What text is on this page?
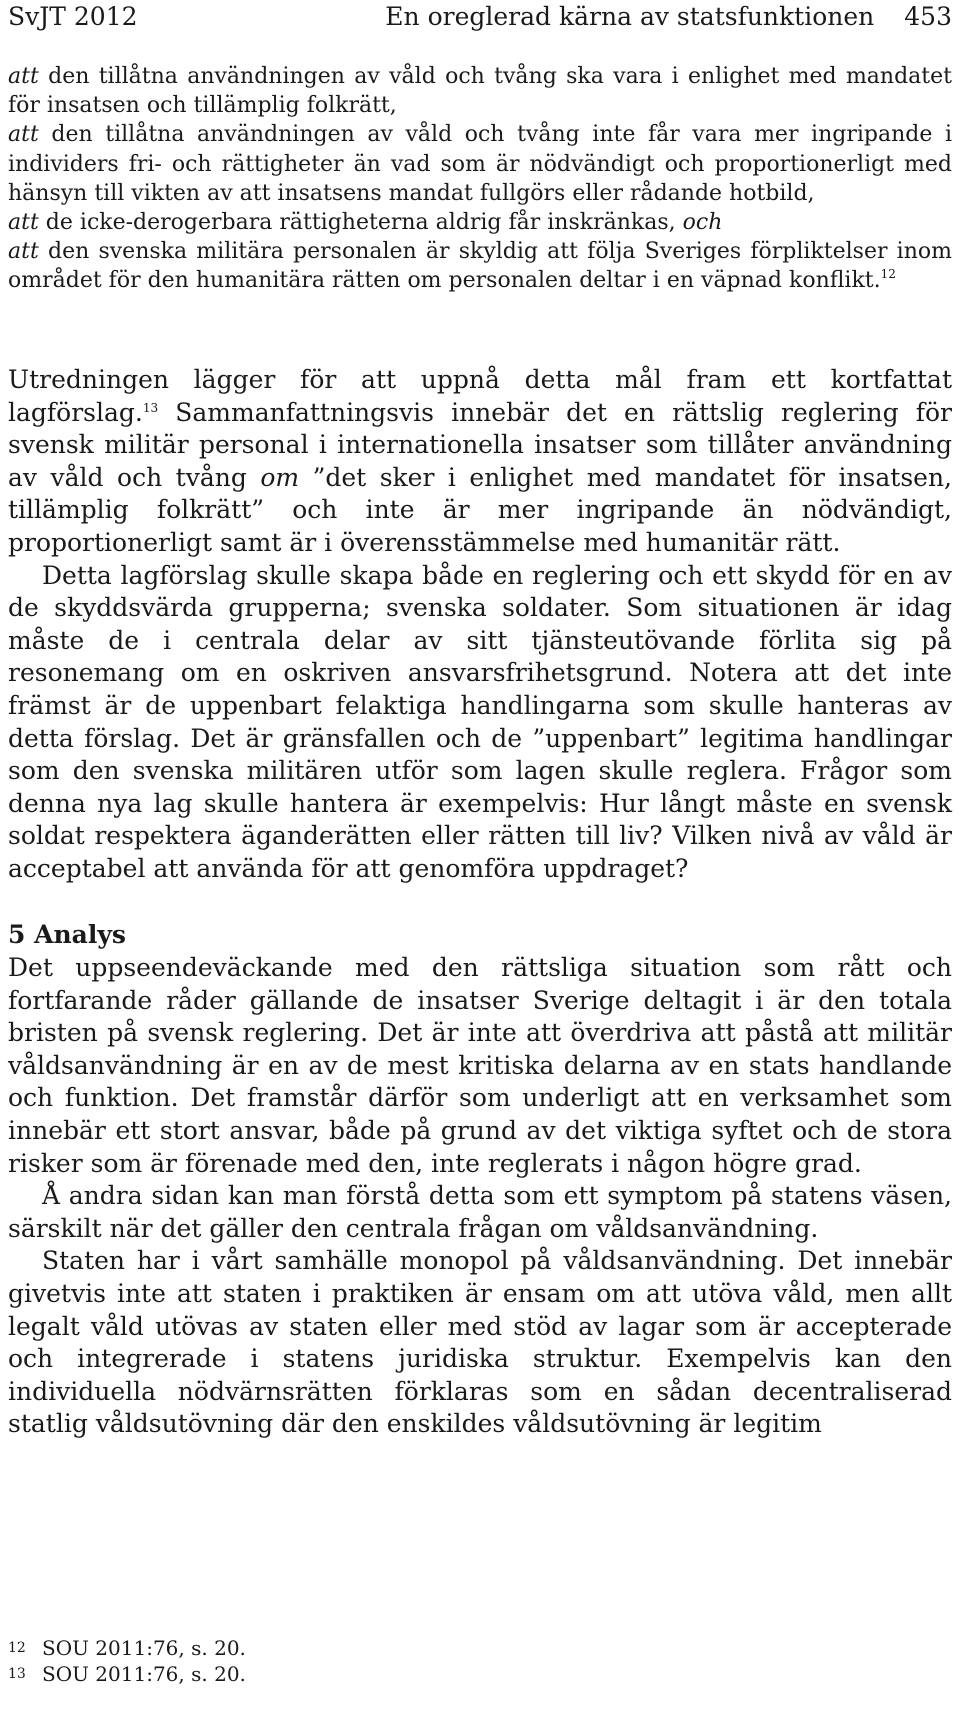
SvJT 2012	En oreglerad kärna av statsfunktionen 453

att den tillåtna användningen av våld och tvång ska vara i enlighet med mandatet för insatsen och tillämplig folkrätt,

att den tillåtna användningen av våld och tvång inte får vara mer ingripande i individers fri- och rättigheter än vad som är nödvändigt och proportionerligt med hänsyn till vikten av att insatsens mandat fullgörs eller rådande hotbild,

att de icke-derogerbara rättigheterna aldrig får inskränkas, och

att den svenska militära personalen är skyldig att följa Sveriges förpliktelser inom området för den humanitära rätten om personalen deltar i en väpnad konflikt.$^{12}$

Utredningen lägger för att uppnå detta mål fram ett kortfattat lagförslag.$^{13}$ Sammanfattningsvis innebär det en rättslig reglering för svensk militär personal i internationella insatser som tillåter användning av våld och tvång om ”det sker i enlighet med mandatet för insatsen, tillämplig folkrätt” och inte är mer ingripande än nödvändigt, proportionerligt samt är i överensstämmelse med humanitär rätt.

Detta lagförslag skulle skapa både en reglering och ett skydd för en av de skyddsvärda grupperna; svenska soldater. Som situationen är idag måste de i centrala delar av sitt tjänsteutövande förlita sig på resonemang om en oskriven ansvarsfrihetsgrund. Notera att det inte främst är de uppenbart felaktiga handlingarna som skulle hanteras av detta förslag. Det är gränsfallen och de ”uppenbart” legitima handlingar som den svenska militären utför som lagen skulle reglera. Frågor som denna nya lag skulle hantera är exempelvis: Hur långt måste en svensk soldat respektera äganderätten eller rätten till liv? Vilken nivå av våld är acceptabel att använda för att genomföra uppdraget?

5 Analys

Det uppseendeväckande med den rättsliga situation som rått och fortfarande råder gällande de insatser Sverige deltagit i är den totala bristen på svensk reglering. Det är inte att överdriva att påstå att militär våldsanvändning är en av de mest kritiska delarna av en stats handlande och funktion. Det framstår därför som underligt att en verksamhet som innebär ett stort ansvar, både på grund av det viktiga syftet och de stora risker som är förenade med den, inte reglerats i någon högre grad.

Å andra sidan kan man förstå detta som ett symptom på statens väsen, särskilt när det gäller den centrala frågan om våldsanvändning.

Staten har i vårt samhälle monopol på våldsanvändning. Det innebär givetvis inte att staten i praktiken är ensam om att utöva våld, men allt legalt våld utövas av staten eller med stöd av lagar som är accepterade och integrerade i statens juridiska struktur. Exempelvis kan den individuella nödvärnsrätten förklaras som en sådan decentraliserad statlig våldsutövning där den enskildes våldsutövning är legitim

12 SOU 2011:76, s. 20.
13 SOU 2011:76, s. 20.
